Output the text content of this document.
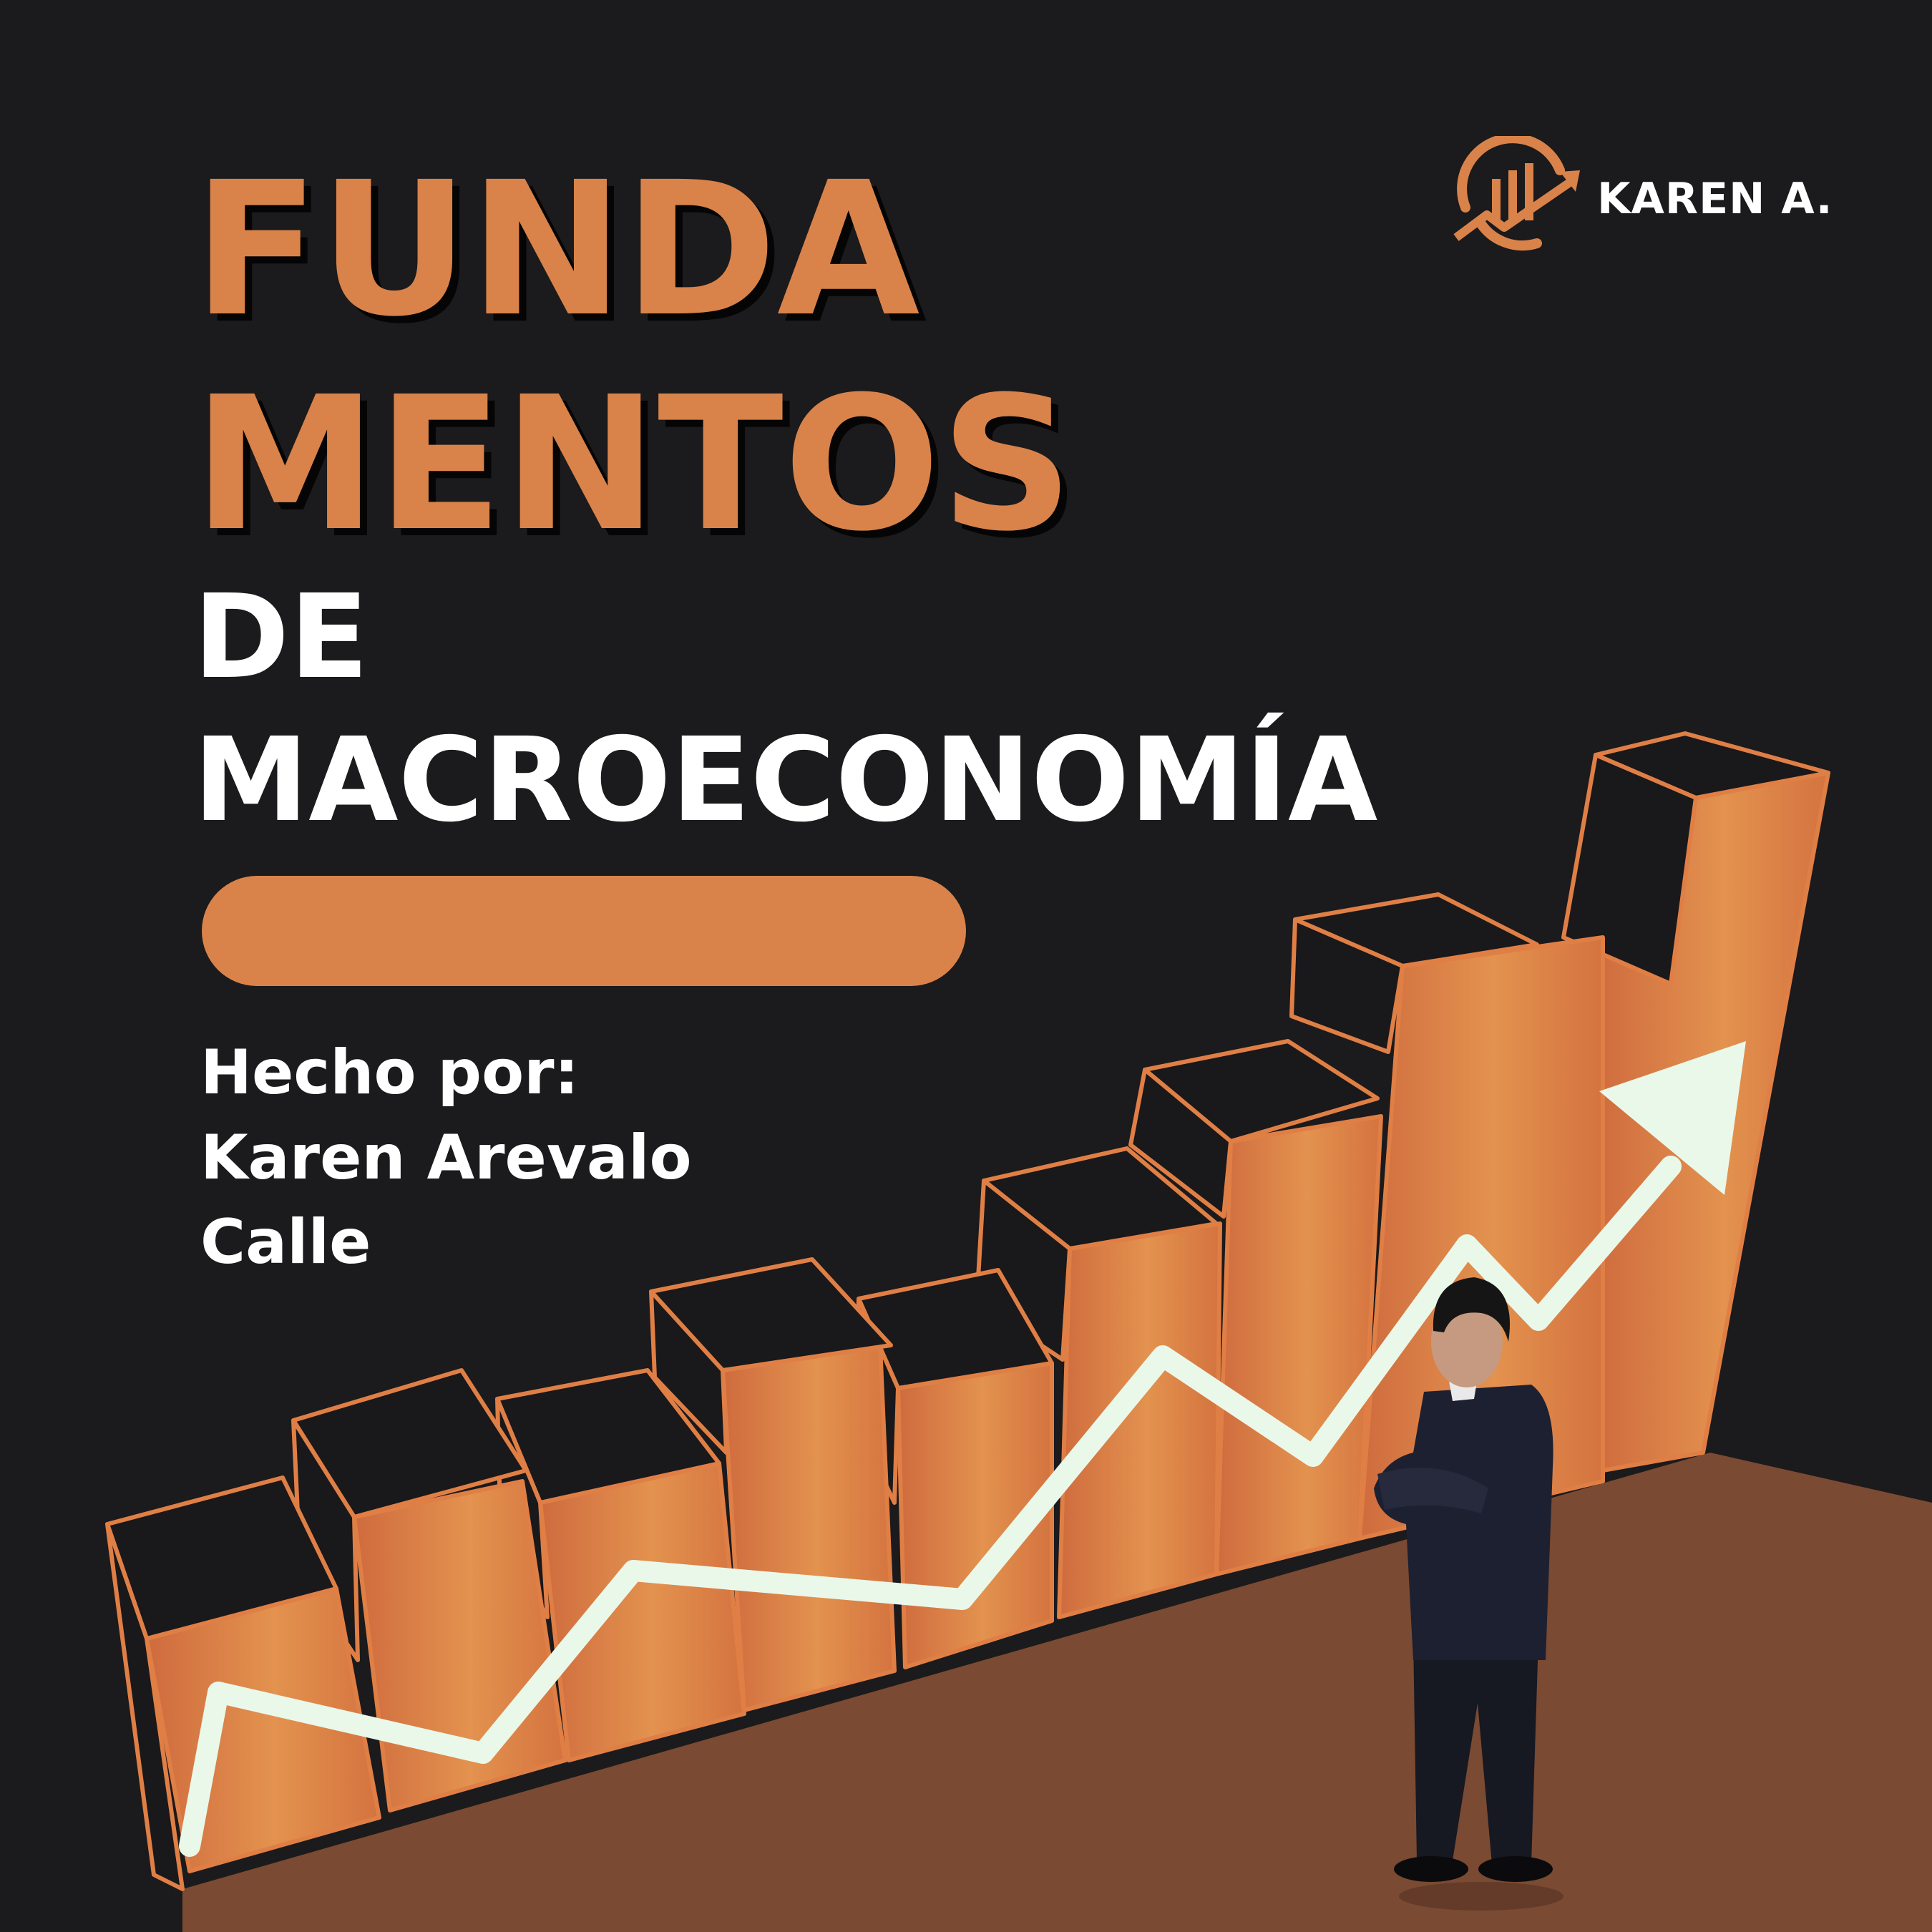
FUNDA
MENTOS
DE
MACROECONOMÍA
Hecho por:
Karen Arevalo
Calle
KAREN A.
